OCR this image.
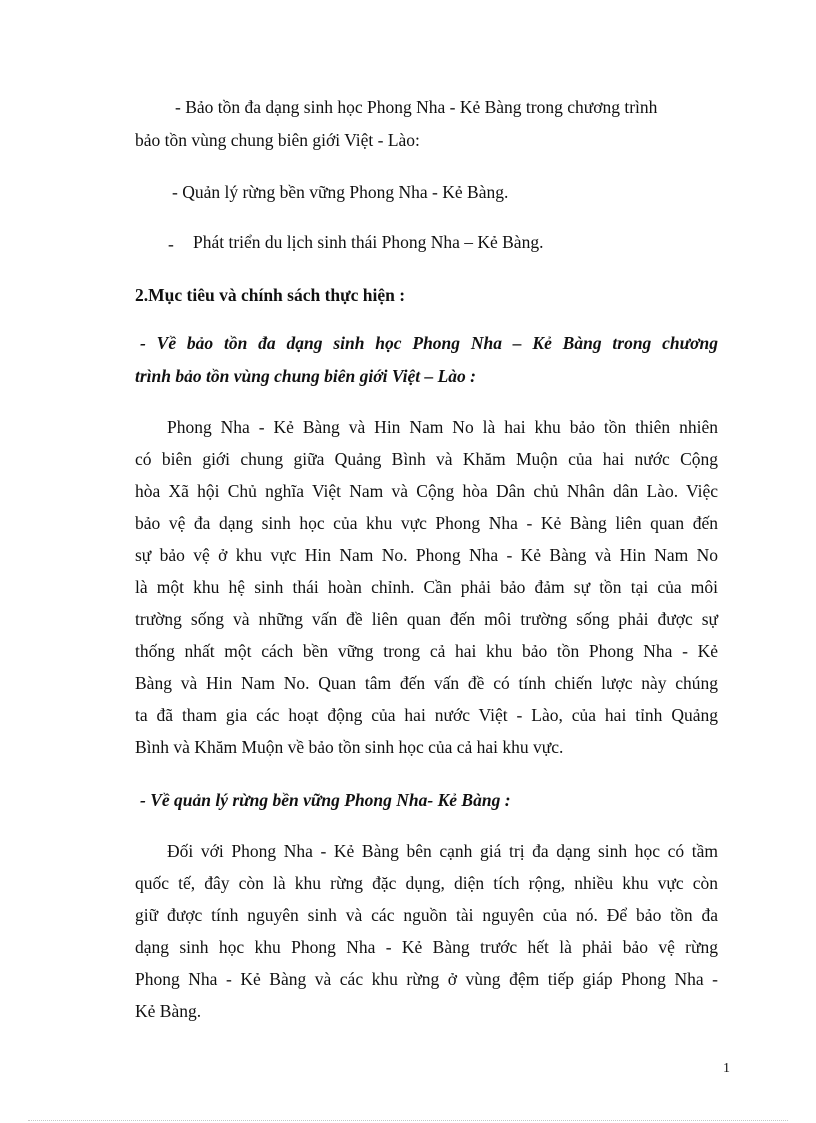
- Bảo tồn đa dạng sinh học Phong Nha - Kẻ Bàng trong chương trình

bảo tồn vùng chung biên giới Việt - Lào:

- Quản lý rừng bền vững Phong Nha - Kẻ Bàng.

-	Phát triển du lịch sinh thái Phong Nha – Kẻ Bàng.

2.Mục tiêu và chính sách thực hiện :

- Về bảo tồn đa dạng sinh học Phong Nha – Kẻ Bàng trong chương

trình bảo tồn vùng chung biên giới Việt – Lào :

Phong Nha - Kẻ Bàng và Hin Nam No là hai khu bảo tồn thiên nhiên

có biên giới chung giữa Quảng Bình và Khăm Muộn của hai nước Cộng

hòa Xã hội Chủ nghĩa Việt Nam và Cộng hòa Dân chủ Nhân dân Lào. Việc

bảo vệ đa dạng sinh học của khu vực Phong Nha - Kẻ Bàng liên quan đến

sự bảo vệ ở khu vực Hin Nam No. Phong Nha - Kẻ Bàng và Hin Nam No

là một khu hệ sinh thái hoàn chỉnh. Cần phải bảo đảm sự tồn tại của môi

trường sống và những vấn đề liên quan đến môi trường sống phải được sự

thống nhất một cách bền vững trong cả hai khu bảo tồn Phong Nha - Kẻ

Bàng và Hin Nam No. Quan tâm đến vấn đề có tính chiến lược này chúng

ta đã tham gia các hoạt động của hai nước Việt - Lào, của hai tỉnh Quảng

Bình và Khăm Muộn về bảo tồn sinh học của cả hai khu vực.

- Về quản lý rừng bền vững Phong Nha- Kẻ Bàng :

Đối với Phong Nha - Kẻ Bàng bên cạnh giá trị đa dạng sinh học có tầm

quốc tế, đây còn là khu rừng đặc dụng, diện tích rộng, nhiều khu vực còn

giữ được tính nguyên sinh và các nguồn tài nguyên của nó. Để bảo tồn đa

dạng sinh học khu Phong Nha - Kẻ Bàng trước hết là phải bảo vệ rừng

Phong Nha - Kẻ Bàng và các khu rừng ở vùng đệm tiếp giáp Phong Nha -

Kẻ Bàng.

1
